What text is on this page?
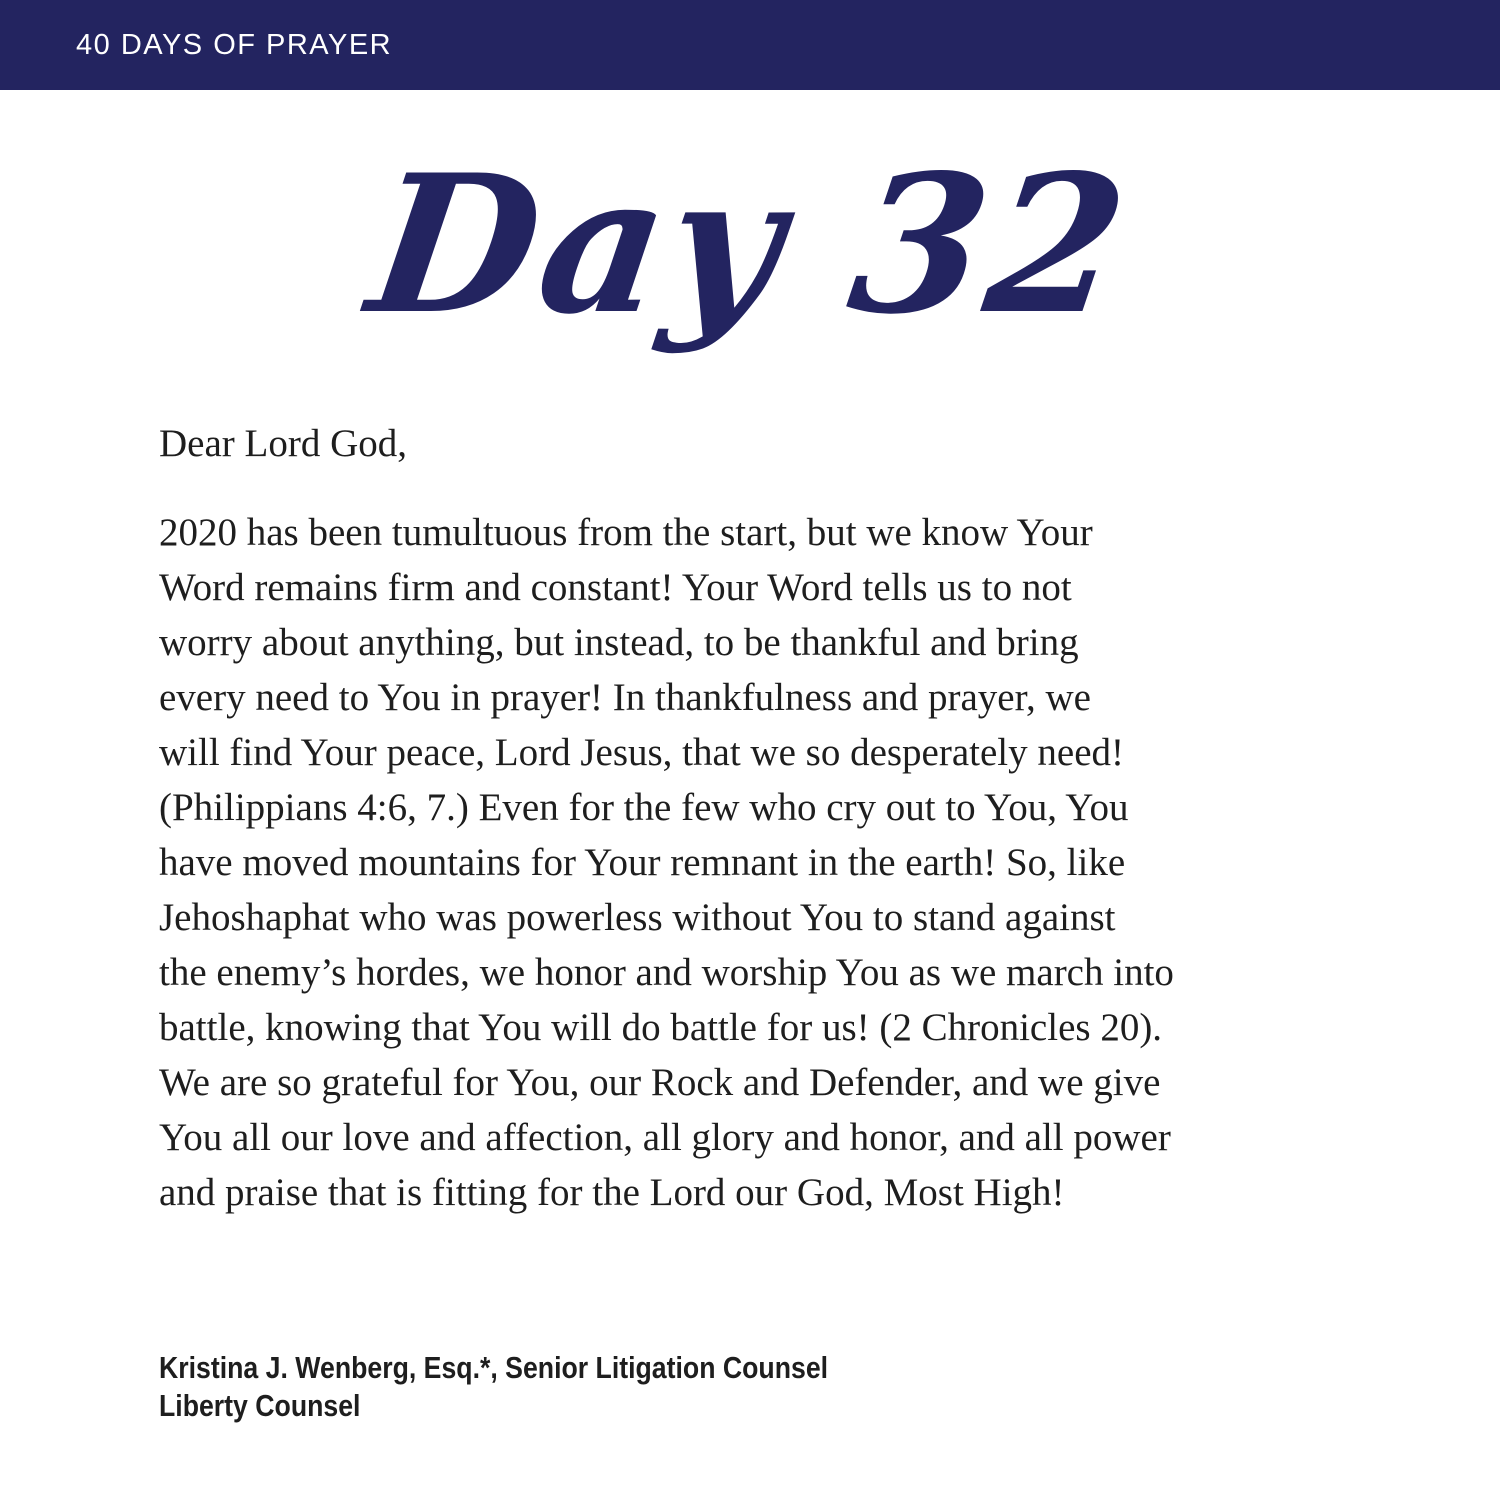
40 DAYS OF PRAYER
Day 32

Dear Lord God,

2020 has been tumultuous from the start, but we know Your
Word remains firm and constant! Your Word tells us to not
worry about anything, but instead, to be thankful and bring
every need to You in prayer! In thankfulness and prayer, we
will find Your peace, Lord Jesus, that we so desperately need!
(Philippians 4:6, 7.) Even for the few who cry out to You, You
have moved mountains for Your remnant in the earth! So, like
Jehoshaphat who was powerless without You to stand against
the enemy’s hordes, we honor and worship You as we march into
battle, knowing that You will do battle for us! (2 Chronicles 20).
We are so grateful for You, our Rock and Defender, and we give
You all our love and affection, all glory and honor, and all power
and praise that is fitting for the Lord our God, Most High!
Kristina J. Wenberg, Esq.*, Senior Litigation Counsel
Liberty Counsel
